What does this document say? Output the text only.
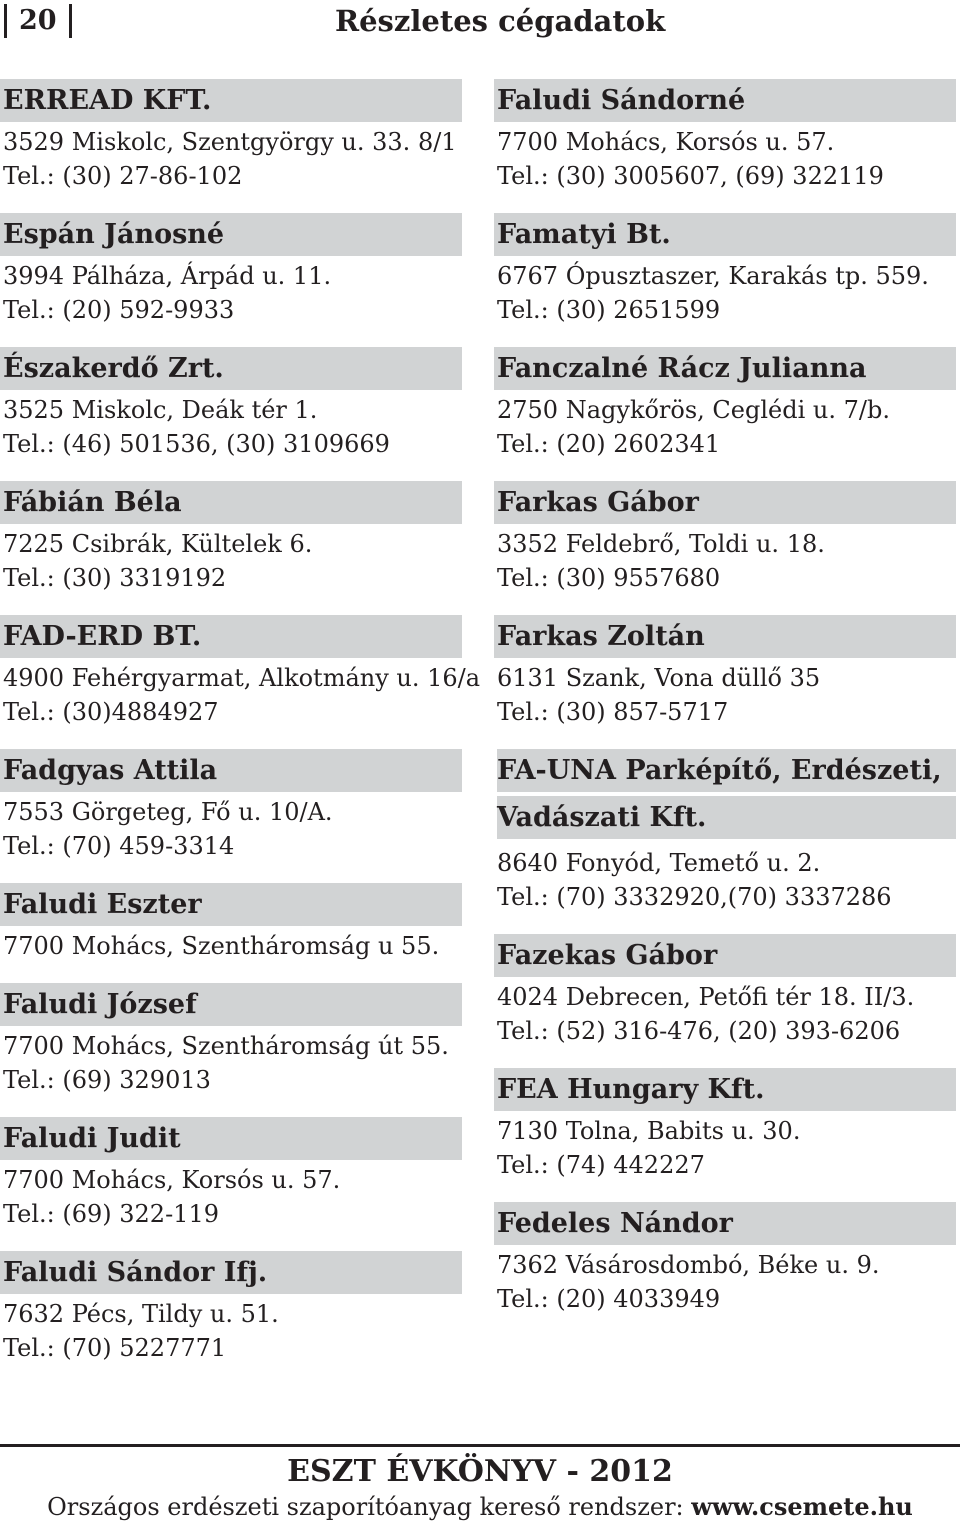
20	Részletes cégadatok
ERREAD KFT.
3529 Miskolc, Szentgyörgy u. 33. 8/1
Tel.: (30) 27-86-102
Espán Jánosné
3994 Pálháza, Árpád u. 11.
Tel.: (20) 592-9933
Északerdő Zrt.
3525 Miskolc, Deák tér 1.
Tel.: (46) 501536, (30) 3109669
Fábián Béla
7225 Csibrák, Kültelek 6.
Tel.: (30) 3319192
FAD-ERD BT.
4900 Fehérgyarmat, Alkotmány u. 16/a
Tel.: (30)4884927
Fadgyas Attila
7553 Görgeteg, Fő u. 10/A.
Tel.: (70) 459-3314
Faludi Eszter
7700 Mohács, Szentháromság u 55.
Faludi József
7700 Mohács, Szentháromság út 55.
Tel.: (69) 329013
Faludi Judit
7700 Mohács, Korsós u. 57.
Tel.: (69) 322-119
Faludi Sándor Ifj.
7632 Pécs, Tildy u. 51.
Tel.: (70) 5227771
Faludi Sándorné
7700 Mohács, Korsós u. 57.
Tel.: (30) 3005607, (69) 322119
Famatyi Bt.
6767 Ópusztaszer, Karakás tp. 559.
Tel.: (30) 2651599
Fanczalné Rácz Julianna
2750 Nagykőrös, Ceglédi u. 7/b.
Tel.: (20) 2602341
Farkas Gábor
3352 Feldebrő, Toldi u. 18.
Tel.: (30) 9557680
Farkas Zoltán
6131 Szank, Vona düllő 35
Tel.: (30) 857-5717
FA-UNA Parképítő, Erdészeti,
Vadászati Kft.
8640 Fonyód, Temető u. 2.
Tel.: (70) 3332920,(70) 3337286
Fazekas Gábor
4024 Debrecen, Petőfi tér 18. II/3.
Tel.: (52) 316-476, (20) 393-6206
FEA Hungary Kft.
7130 Tolna, Babits u. 30.
Tel.: (74) 442227
Fedeles Nándor
7362 Vásárosdombó, Béke u. 9.
Tel.: (20) 4033949
ESZT ÉVKÖNYV - 2012
Országos erdészeti szaporítóanyag kereső rendszer: www.csemete.hu
